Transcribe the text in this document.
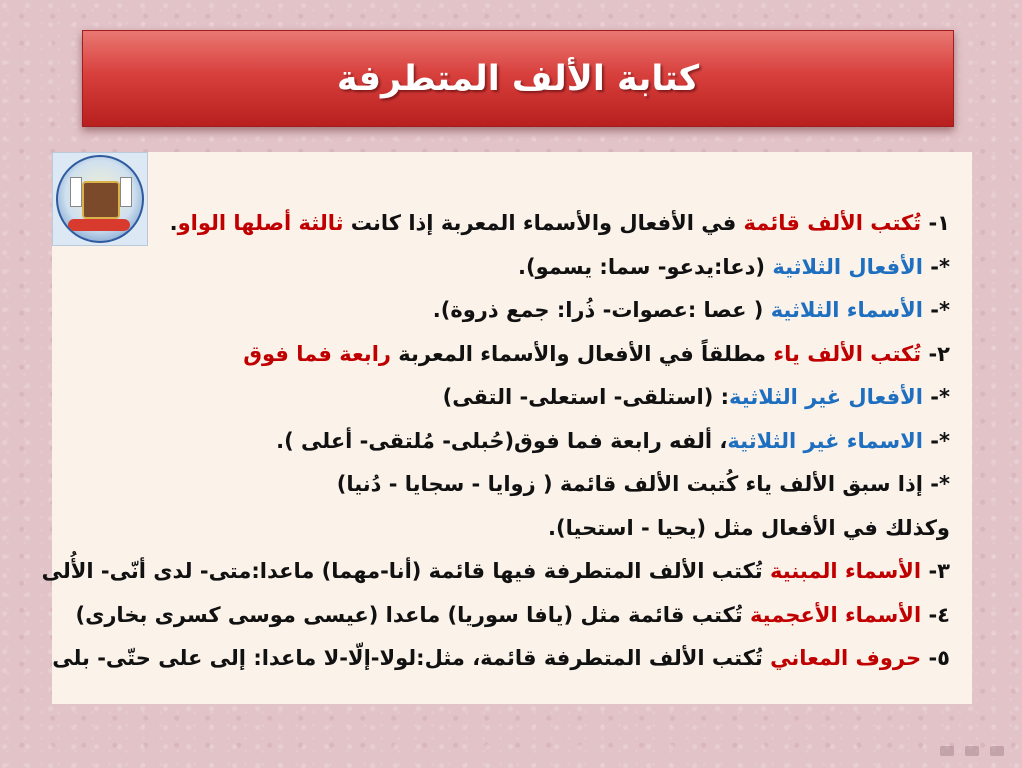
كتابة الألف المتطرفة
١- تُكتب الألف قائمة في الأفعال والأسماء المعربة إذا كانت ثالثة أصلها الواو.
*- الأفعال الثلاثية (دعا:يدعو- سما: يسمو).
*- الأسماء الثلاثية ( عصا :عصوات- ذُرا: جمع ذروة).
٢- تُكتب الألف ياء مطلقاً في الأفعال والأسماء المعربة رابعة فما فوق
*- الأفعال غير الثلاثية: (استلقى- استعلى- التقى)
*- الاسماء غير الثلاثية، ألفه رابعة فما فوق(حُبلى- مُلتقى- أعلى ).
*- إذا سبق الألف ياء كُتبت الألف قائمة ( زوايا - سجايا - دُنيا)
وكذلك في الأفعال مثل (يحيا - استحيا).
٣- الأسماء المبنية تُكتب الألف المتطرفة فيها قائمة (أنا-مهما) ماعدا:متى- لدى أنّى- الأُلى
٤- الأسماء الأعجمية تُكتب قائمة مثل (يافا سوريا) ماعدا (عيسى موسى كسرى بخارى)
٥- حروف المعاني تُكتب الألف المتطرفة قائمة، مثل:لولا-إلّا-لا ماعدا: إلى على حتّى- بلى
